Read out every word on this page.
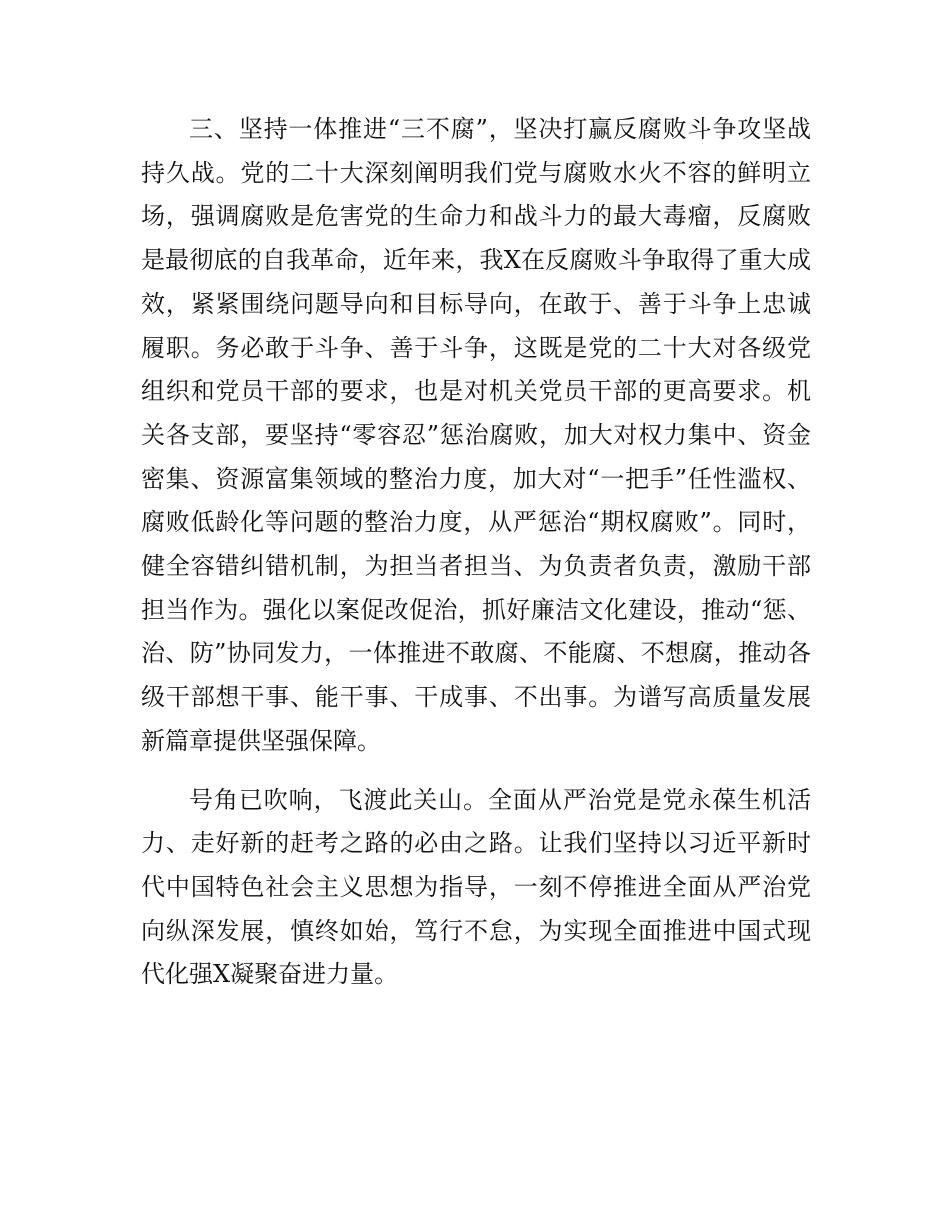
三、坚持一体推进“三不腐”，坚决打赢反腐败斗争攻坚战持久战。党的二十大深刻阐明我们党与腐败水火不容的鲜明立场，强调腐败是危害党的生命力和战斗力的最大毒瘤，反腐败是最彻底的自我革命，近年来，我X在反腐败斗争取得了重大成效，紧紧围绕问题导向和目标导向，在敢于、善于斗争上忠诚履职。务必敢于斗争、善于斗争，这既是党的二十大对各级党组织和党员干部的要求，也是对机关党员干部的更高要求。机关各支部，要坚持“零容忍”惩治腐败，加大对权力集中、资金密集、资源富集领域的整治力度，加大对“一把手”任性滥权、腐败低龄化等问题的整治力度，从严惩治“期权腐败”。同时，健全容错纠错机制，为担当者担当、为负责者负责，激励干部担当作为。强化以案促改促治，抓好廉洁文化建设，推动“惩、治、防”协同发力，一体推进不敢腐、不能腐、不想腐，推动各级干部想干事、能干事、干成事、不出事。为谱写高质量发展新篇章提供坚强保障。

号角已吹响，飞渡此关山。全面从严治党是党永葆生机活力、走好新的赶考之路的必由之路。让我们坚持以习近平新时代中国特色社会主义思想为指导，一刻不停推进全面从严治党向纵深发展，慎终如始，笃行不怠，为实现全面推进中国式现代化强X凝聚奋进力量。
